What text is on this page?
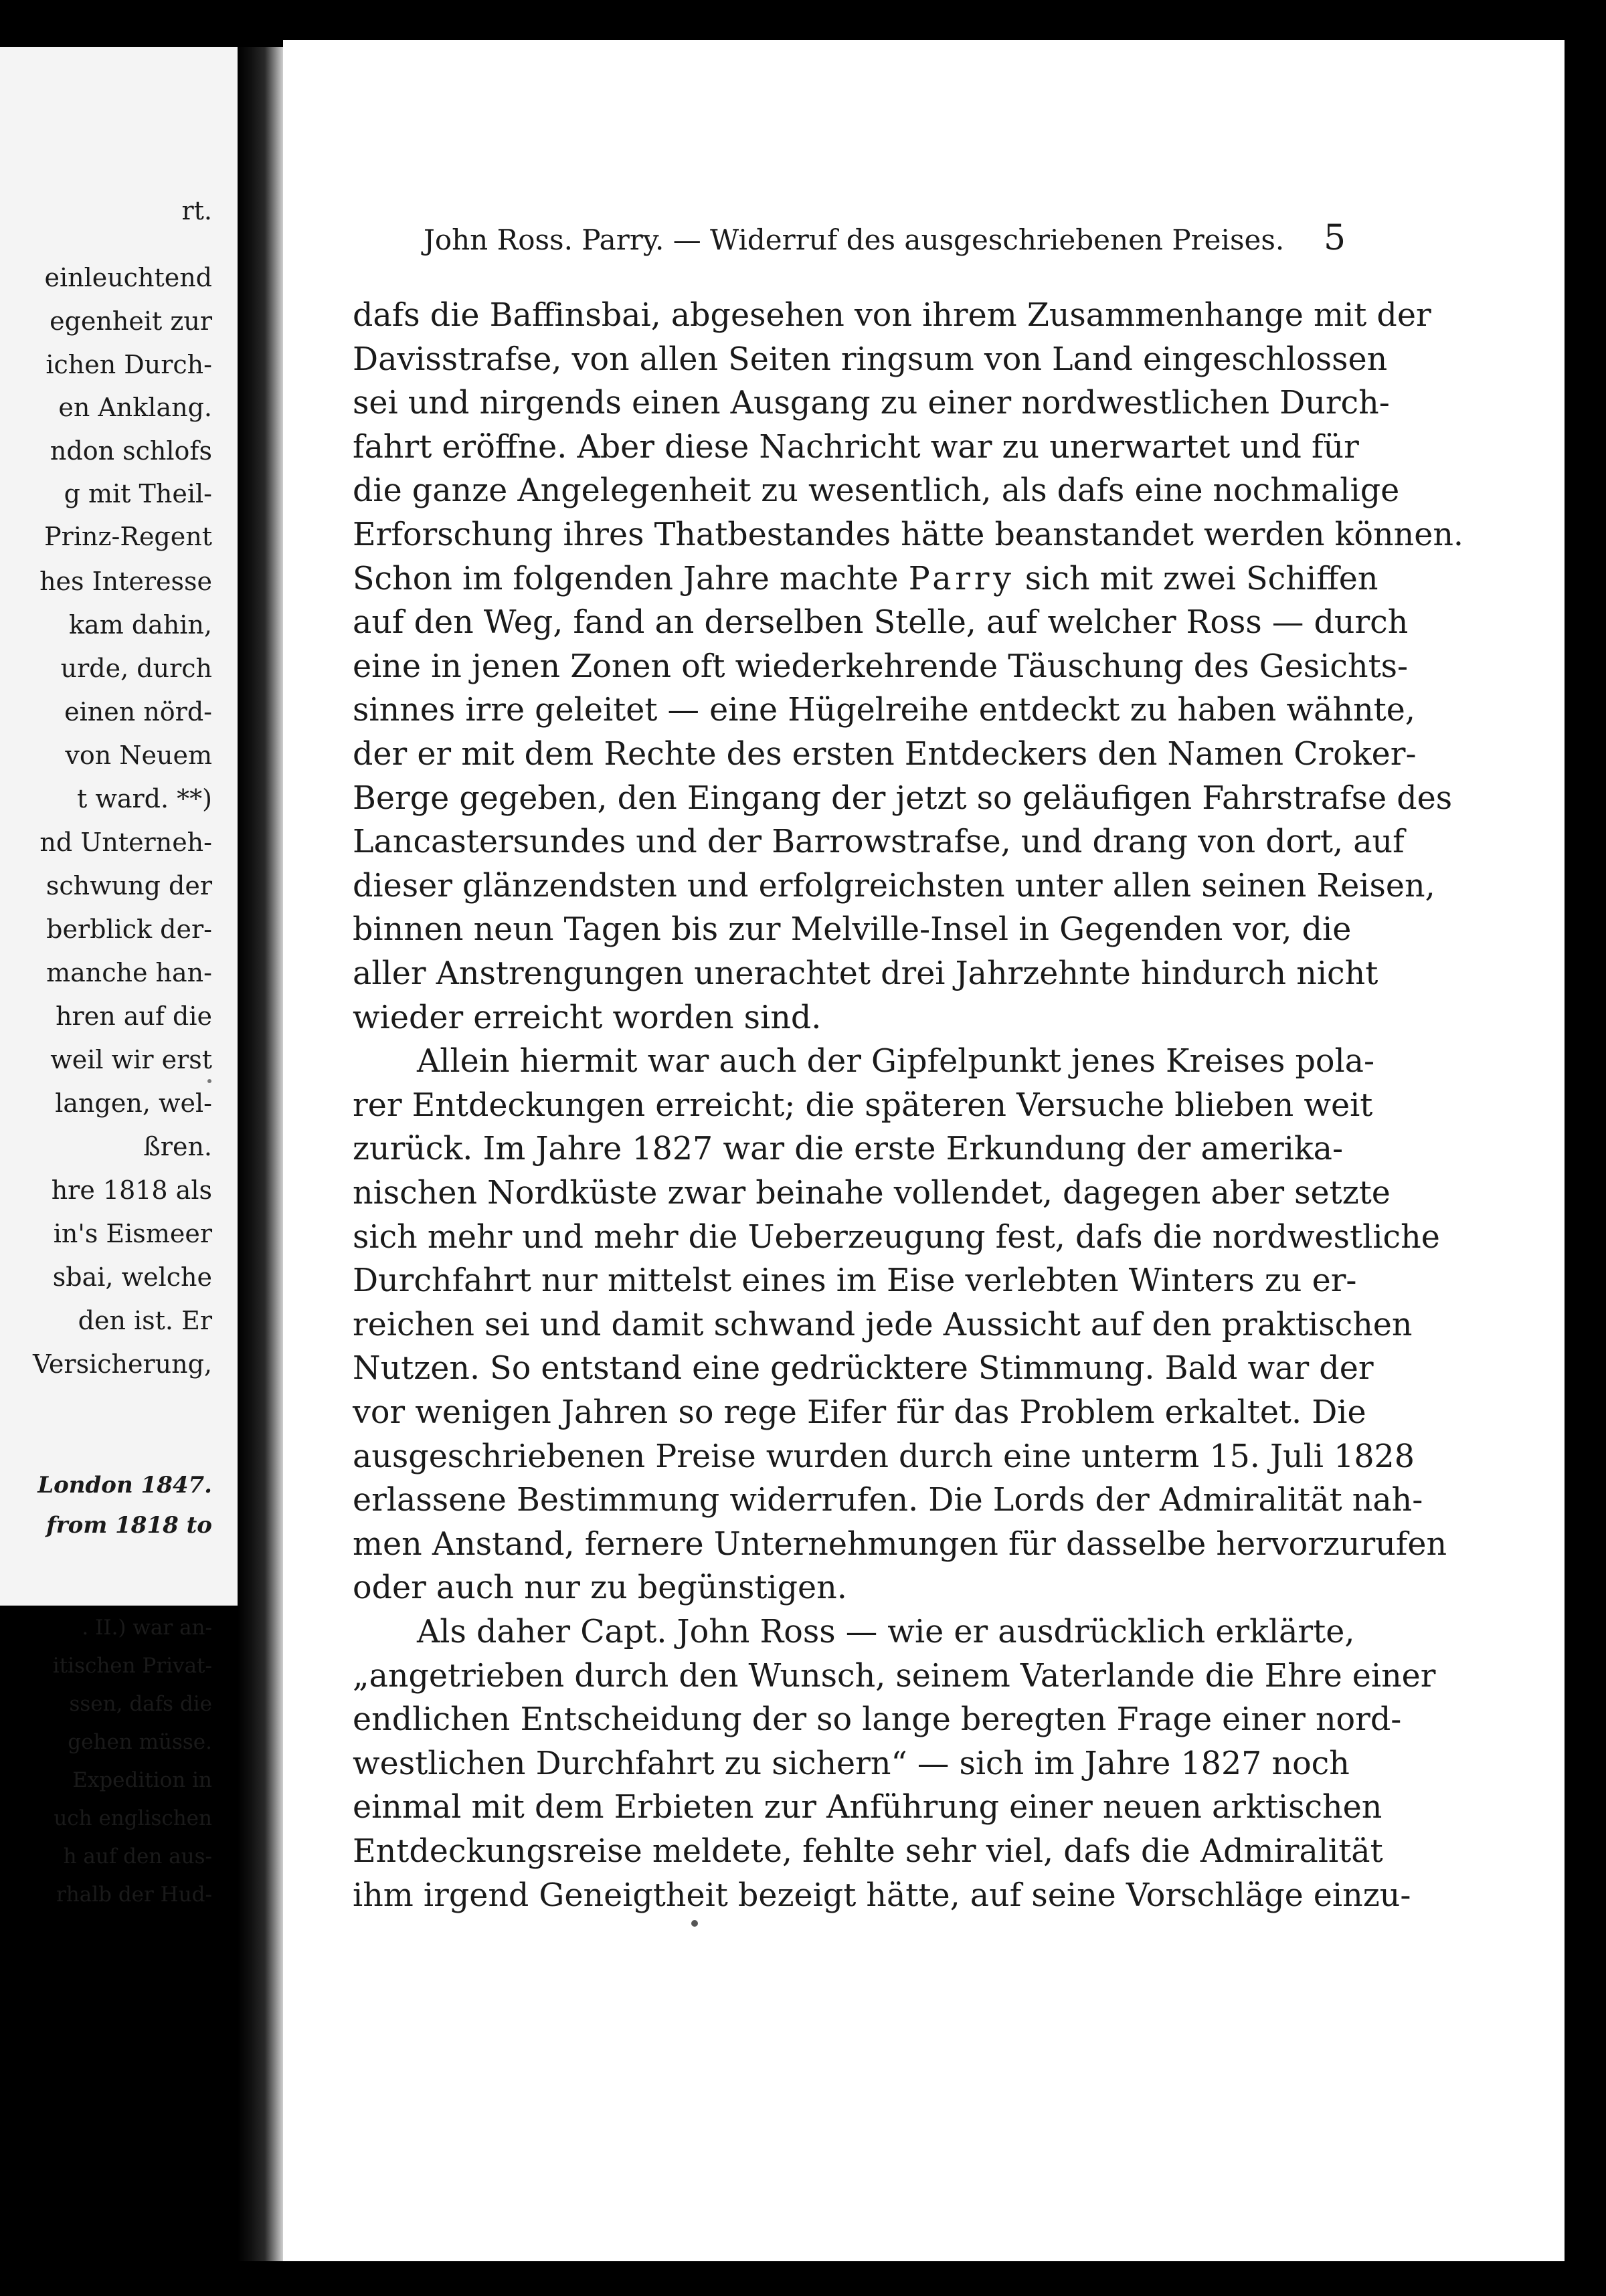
rt.
einleuchtend
egenheit zur
ichen Durch-
en Anklang.
ndon schlofs
g mit Theil-
Prinz-Regent
hes Interesse
kam dahin,
urde, durch
einen nörd-
von Neuem
t ward. **)
nd Unterneh-
schwung der
berblick der-
manche han-
hren auf die
weil wir erst
langen, wel-
ßren.
hre 1818 als
in's Eismeer
sbai, welche
den ist. Er
Versicherung,
London 1847.
from 1818 to
. II.) war an-
itischen Privat-
ssen, dafs die
gehen müsse.
Expedition in
uch englischen
h auf den aus-
rhalb der Hud-
John Ross. Parry. — Widerruf des ausgeschriebenen Preises.	5
dafs die Baffinsbai, abgesehen von ihrem Zusammenhange mit der
Davisstrafse, von allen Seiten ringsum von Land eingeschlossen
sei und nirgends einen Ausgang zu einer nordwestlichen Durch-
fahrt eröffne. Aber diese Nachricht war zu unerwartet und für
die ganze Angelegenheit zu wesentlich, als dafs eine nochmalige
Erforschung ihres Thatbestandes hätte beanstandet werden können.
Schon im folgenden Jahre machte Parry sich mit zwei Schiffen
auf den Weg, fand an derselben Stelle, auf welcher Ross — durch
eine in jenen Zonen oft wiederkehrende Täuschung des Gesichts-
sinnes irre geleitet — eine Hügelreihe entdeckt zu haben wähnte,
der er mit dem Rechte des ersten Entdeckers den Namen Croker-
Berge gegeben, den Eingang der jetzt so geläufigen Fahrstrafse des
Lancastersundes und der Barrowstrafse, und drang von dort, auf
dieser glänzendsten und erfolgreichsten unter allen seinen Reisen,
binnen neun Tagen bis zur Melville-Insel in Gegenden vor, die
aller Anstrengungen unerachtet drei Jahrzehnte hindurch nicht
wieder erreicht worden sind.
Allein hiermit war auch der Gipfelpunkt jenes Kreises pola-
rer Entdeckungen erreicht; die späteren Versuche blieben weit
zurück. Im Jahre 1827 war die erste Erkundung der amerika-
nischen Nordküste zwar beinahe vollendet, dagegen aber setzte
sich mehr und mehr die Ueberzeugung fest, dafs die nordwestliche
Durchfahrt nur mittelst eines im Eise verlebten Winters zu er-
reichen sei und damit schwand jede Aussicht auf den praktischen
Nutzen. So entstand eine gedrücktere Stimmung. Bald war der
vor wenigen Jahren so rege Eifer für das Problem erkaltet. Die
ausgeschriebenen Preise wurden durch eine unterm 15. Juli 1828
erlassene Bestimmung widerrufen. Die Lords der Admiralität nah-
men Anstand, fernere Unternehmungen für dasselbe hervorzurufen
oder auch nur zu begünstigen.
Als daher Capt. John Ross — wie er ausdrücklich erklärte,
„angetrieben durch den Wunsch, seinem Vaterlande die Ehre einer
endlichen Entscheidung der so lange beregten Frage einer nord-
westlichen Durchfahrt zu sichern“ — sich im Jahre 1827 noch
einmal mit dem Erbieten zur Anführung einer neuen arktischen
Entdeckungsreise meldete, fehlte sehr viel, dafs die Admiralität
ihm irgend Geneigtheit bezeigt hätte, auf seine Vorschläge einzu-
